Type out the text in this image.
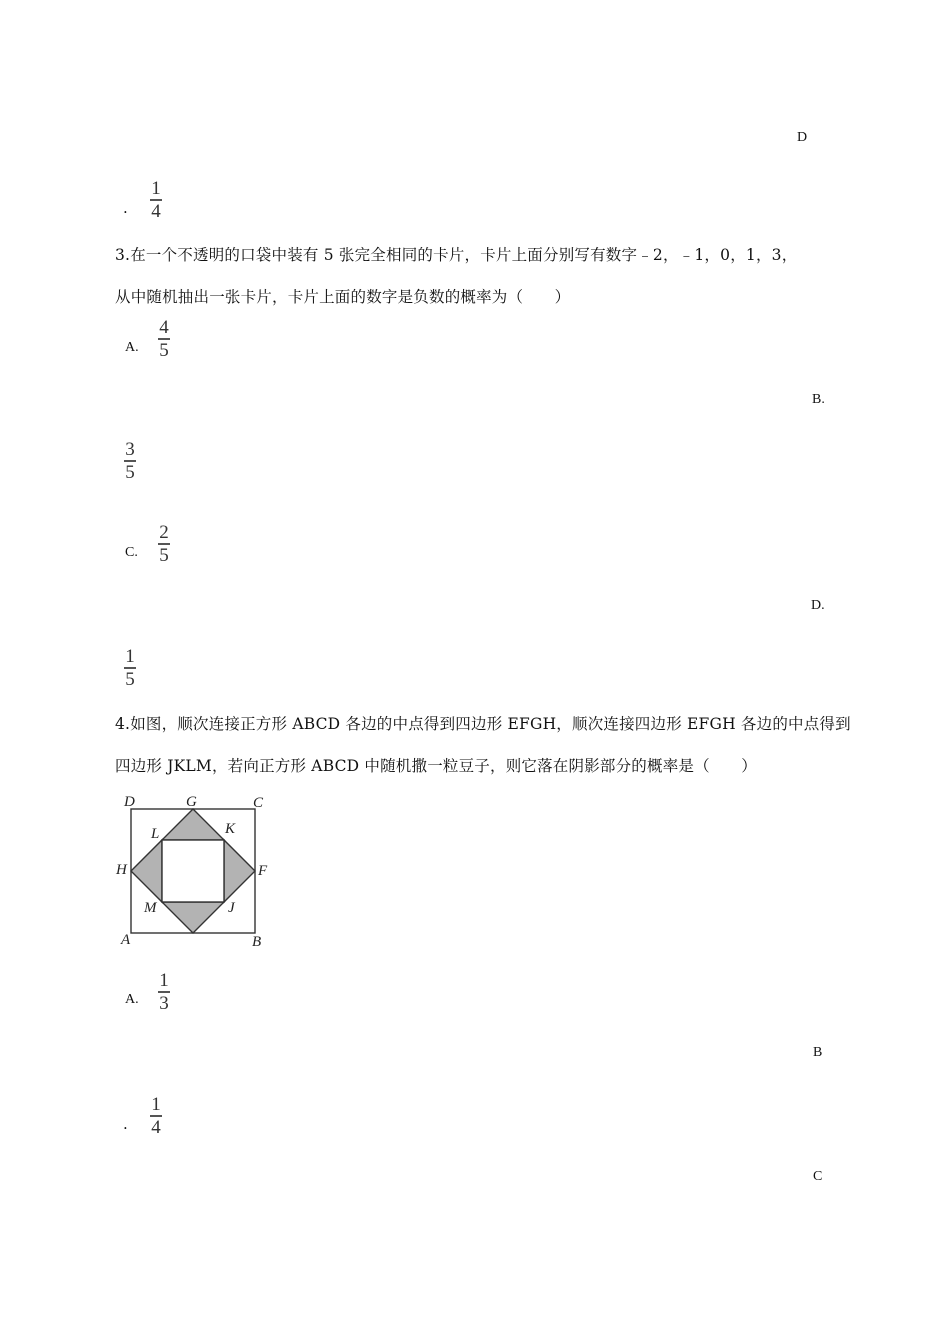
D
.
1
4
3.在一个不透明的口袋中装有 5 张完全相同的卡片，卡片上面分别写有数字﹣2，﹣1，0，1，3，
从中随机抽出一张卡片，卡片上面的数字是负数的概率为（　　）
A.
4
5
B.
3
5
C.
2
5
D.
1
5
4.如图，顺次连接正方形 ABCD 各边的中点得到四边形 EFGH，顺次连接四边形 EFGH 各边的中点得到
四边形 JKLM，若向正方形 ABCD 中随机撒一粒豆子，则它落在阴影部分的概率是（　　）
D	G	C
L	K
H	F
M	J
A	B
A.
1
3
B
.
1
4
C
